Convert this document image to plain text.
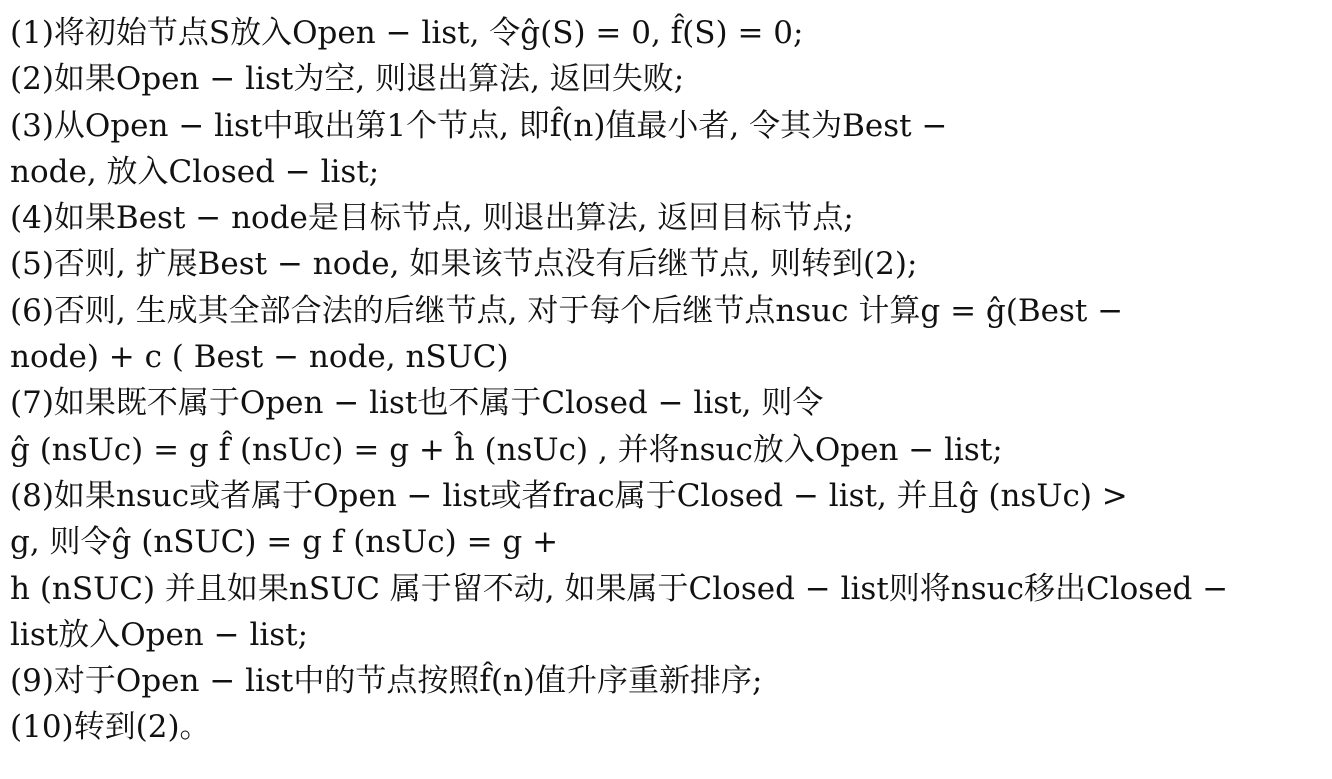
(1)将初始节点S放入Open − list, 令ĝ(S) = 0, f̂(S) = 0;
(2)如果Open − list为空, 则退出算法, 返回失败;
(3)从Open − list中取出第1个节点, 即f̂(n)值最小者, 令其为Best −
node, 放入Closed − list;
(4)如果Best − node是目标节点, 则退出算法, 返回目标节点;
(5)否则, 扩展Best − node, 如果该节点没有后继节点, 则转到(2);
(6)否则, 生成其全部合法的后继节点, 对于每个后继节点nsuc 计算g = ĝ(Best −
node) + c ( Best − node, nSUC)
(7)如果既不属于Open − list也不属于Closed − list, 则令
ĝ (nsUc) = g f̂ (nsUc) = g + ĥ (nsUc) , 并将nsuc放入Open − list;
(8)如果nsuc或者属于Open − list或者frac属于Closed − list, 并且ĝ (nsUc) >
g, 则令ĝ (nSUC) = g f (nsUc) = g +
h (nSUC) 并且如果nSUC 属于留不动, 如果属于Closed − list则将nsuc移出Closed −
list放入Open − list;
(9)对于Open − list中的节点按照f̂(n)值升序重新排序;
(10)转到(2)。
